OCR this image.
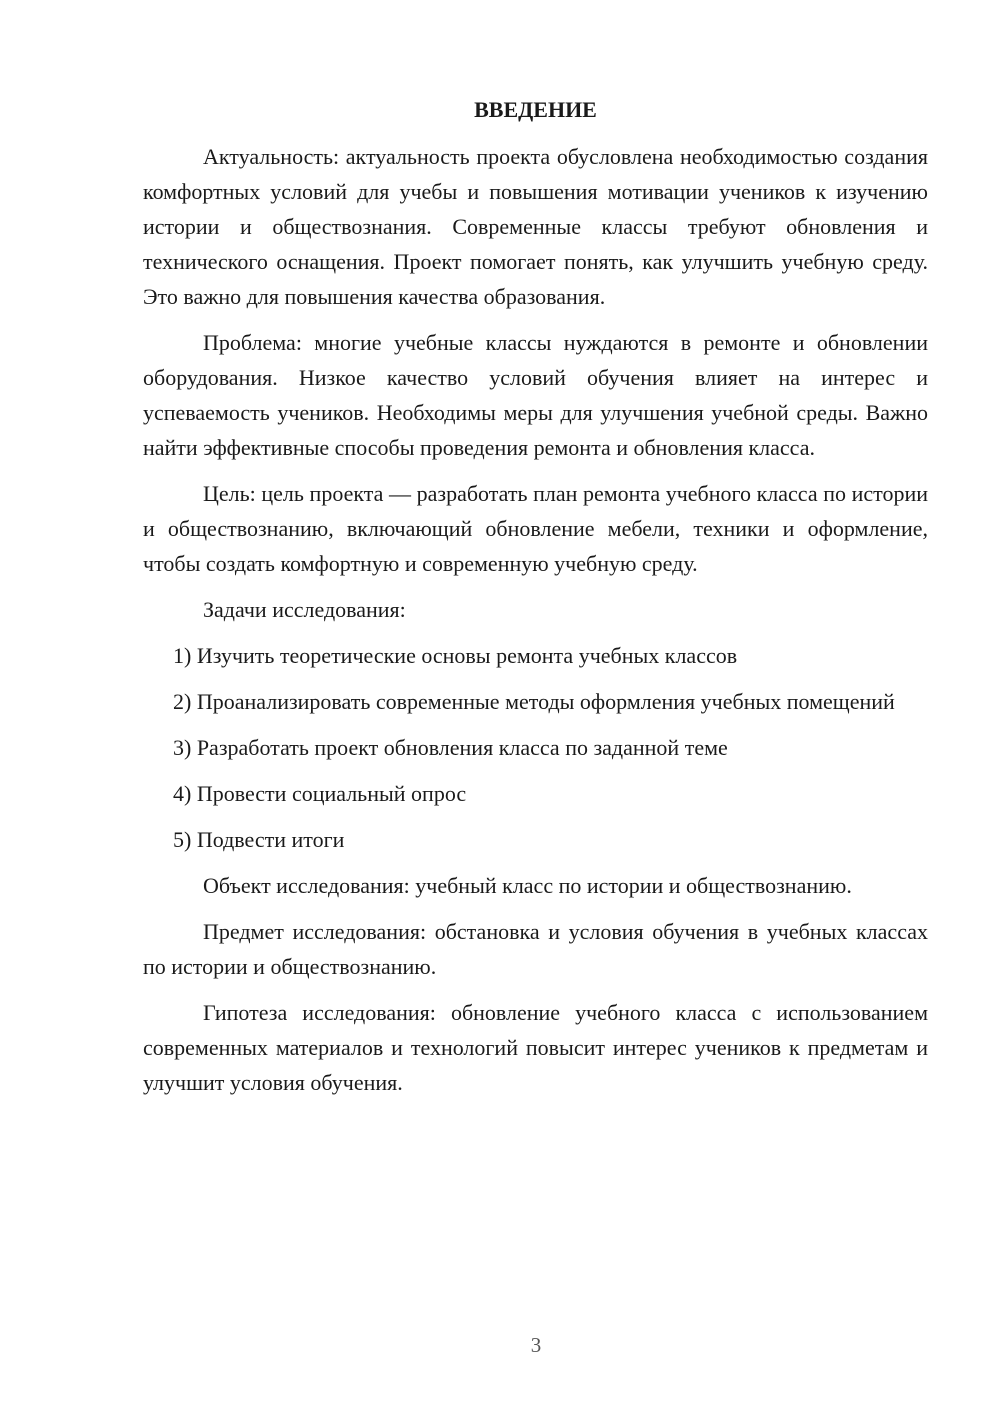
ВВЕДЕНИЕ

Актуальность: актуальность проекта обусловлена необходимостью создания комфортных условий для учебы и повышения мотивации учеников к изучению истории и обществознания. Современные классы требуют обновления и технического оснащения. Проект помогает понять, как улучшить учебную среду. Это важно для повышения качества образования.

Проблема: многие учебные классы нуждаются в ремонте и обновлении оборудования. Низкое качество условий обучения влияет на интерес и успеваемость учеников. Необходимы меры для улучшения учебной среды. Важно найти эффективные способы проведения ремонта и обновления класса.

Цель: цель проекта — разработать план ремонта учебного класса по истории и обществознанию, включающий обновление мебели, техники и оформление, чтобы создать комфортную и современную учебную среду.

Задачи исследования:

1) Изучить теоретические основы ремонта учебных классов

2) Проанализировать современные методы оформления учебных помещений

3) Разработать проект обновления класса по заданной теме

4) Провести социальный опрос

5) Подвести итоги

Объект исследования: учебный класс по истории и обществознанию.

Предмет исследования: обстановка и условия обучения в учебных классах по истории и обществознанию.

Гипотеза исследования: обновление учебного класса с использованием современных материалов и технологий повысит интерес учеников к предметам и улучшит условия обучения.

3
